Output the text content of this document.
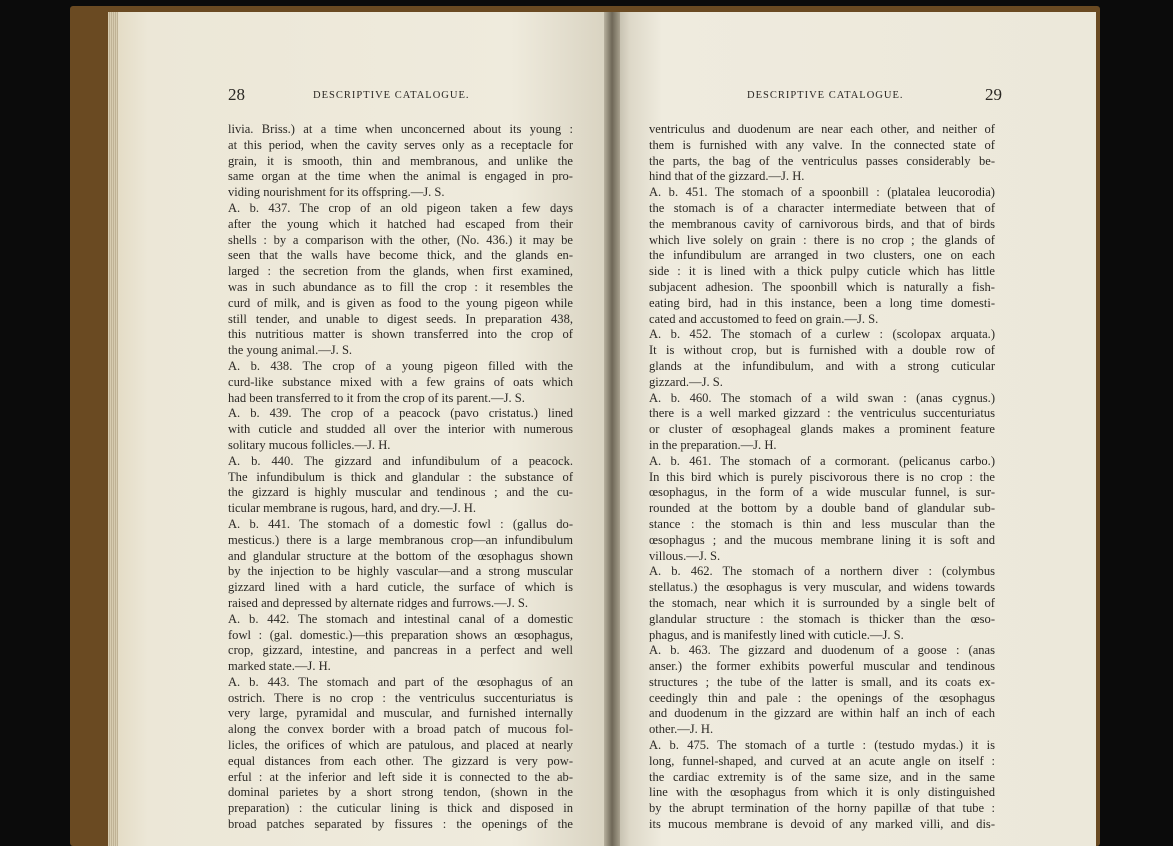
28	DESCRIPTIVE CATALOGUE.
livia. Briss.) at a time when unconcerned about its young :
at this period, when the cavity serves only as a receptacle for
grain, it is smooth, thin and membranous, and unlike the
same organ at the time when the animal is engaged in pro-
viding nourishment for its offspring.—J. S.
A. b. 437. The crop of an old pigeon taken a few days
after the young which it hatched had escaped from their
shells : by a comparison with the other, (No. 436.) it may be
seen that the walls have become thick, and the glands en-
larged : the secretion from the glands, when first examined,
was in such abundance as to fill the crop : it resembles the
curd of milk, and is given as food to the young pigeon while
still tender, and unable to digest seeds. In preparation 438,
this nutritious matter is shown transferred into the crop of
the young animal.—J. S.
A. b. 438. The crop of a young pigeon filled with the
curd-like substance mixed with a few grains of oats which
had been transferred to it from the crop of its parent.—J. S.
A. b. 439. The crop of a peacock (pavo cristatus.) lined
with cuticle and studded all over the interior with numerous
solitary mucous follicles.—J. H.
A. b. 440. The gizzard and infundibulum of a peacock.
The infundibulum is thick and glandular : the substance of
the gizzard is highly muscular and tendinous ; and the cu-
ticular membrane is rugous, hard, and dry.—J. H.
A. b. 441. The stomach of a domestic fowl : (gallus do-
mesticus.) there is a large membranous crop—an infundibulum
and glandular structure at the bottom of the œsophagus shown
by the injection to be highly vascular—and a strong muscular
gizzard lined with a hard cuticle, the surface of which is
raised and depressed by alternate ridges and furrows.—J. S.
A. b. 442. The stomach and intestinal canal of a domestic
fowl : (gal. domestic.)—this preparation shows an œsophagus,
crop, gizzard, intestine, and pancreas in a perfect and well
marked state.—J. H.
A. b. 443. The stomach and part of the œsophagus of an
ostrich. There is no crop : the ventriculus succenturiatus is
very large, pyramidal and muscular, and furnished internally
along the convex border with a broad patch of mucous fol-
licles, the orifices of which are patulous, and placed at nearly
equal distances from each other. The gizzard is very pow-
erful : at the inferior and left side it is connected to the ab-
dominal parietes by a short strong tendon, (shown in the
preparation) : the cuticular lining is thick and disposed in
broad patches separated by fissures : the openings of the
DESCRIPTIVE CATALOGUE.	29
ventriculus and duodenum are near each other, and neither of
them is furnished with any valve. In the connected state of
the parts, the bag of the ventriculus passes considerably be-
hind that of the gizzard.—J. H.
A. b. 451. The stomach of a spoonbill : (platalea leucorodia)
the stomach is of a character intermediate between that of
the membranous cavity of carnivorous birds, and that of birds
which live solely on grain : there is no crop ; the glands of
the infundibulum are arranged in two clusters, one on each
side : it is lined with a thick pulpy cuticle which has little
subjacent adhesion. The spoonbill which is naturally a fish-
eating bird, had in this instance, been a long time domesti-
cated and accustomed to feed on grain.—J. S.
A. b. 452. The stomach of a curlew : (scolopax arquata.)
It is without crop, but is furnished with a double row of
glands at the infundibulum, and with a strong cuticular
gizzard.—J. S.
A. b. 460. The stomach of a wild swan : (anas cygnus.)
there is a well marked gizzard : the ventriculus succenturiatus
or cluster of œsophageal glands makes a prominent feature
in the preparation.—J. H.
A. b. 461. The stomach of a cormorant. (pelicanus carbo.)
In this bird which is purely piscivorous there is no crop : the
œsophagus, in the form of a wide muscular funnel, is sur-
rounded at the bottom by a double band of glandular sub-
stance : the stomach is thin and less muscular than the
œsophagus ; and the mucous membrane lining it is soft and
villous.—J. S.
A. b. 462. The stomach of a northern diver : (colymbus
stellatus.) the œsophagus is very muscular, and widens towards
the stomach, near which it is surrounded by a single belt of
glandular structure : the stomach is thicker than the œso-
phagus, and is manifestly lined with cuticle.—J. S.
A. b. 463. The gizzard and duodenum of a goose : (anas
anser.) the former exhibits powerful muscular and tendinous
structures ; the tube of the latter is small, and its coats ex-
ceedingly thin and pale : the openings of the œsophagus
and duodenum in the gizzard are within half an inch of each
other.—J. H.
A. b. 475. The stomach of a turtle : (testudo mydas.) it is
long, funnel-shaped, and curved at an acute angle on itself :
the cardiac extremity is of the same size, and in the same
line with the œsophagus from which it is only distinguished
by the abrupt termination of the horny papillæ of that tube :
its mucous membrane is devoid of any marked villi, and dis-
